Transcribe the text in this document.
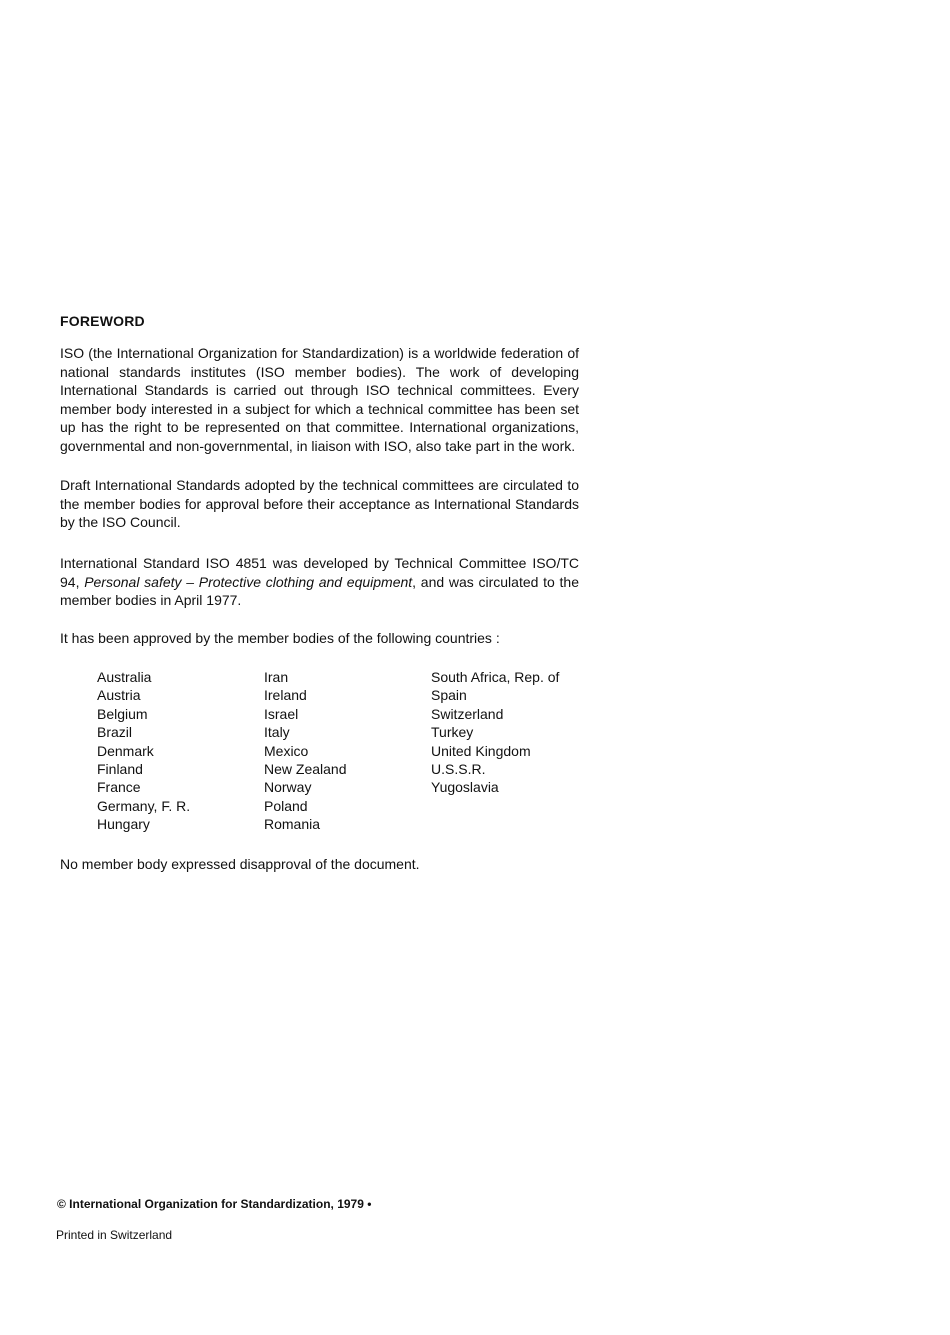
FOREWORD

ISO (the International Organization for Standardization) is a worldwide federation of national standards institutes (ISO member bodies). The work of developing International Standards is carried out through ISO technical committees. Every member body interested in a subject for which a technical committee has been set up has the right to be represented on that committee. International organizations, governmental and non-governmental, in liaison with ISO, also take part in the work.

Draft International Standards adopted by the technical committees are circulated to the member bodies for approval before their acceptance as International Standards by the ISO Council.

International Standard ISO 4851 was developed by Technical Committee ISO/TC 94, Personal safety – Protective clothing and equipment, and was circulated to the member bodies in April 1977.

It has been approved by the member bodies of the following countries :

Australia
Austria
Belgium
Brazil
Denmark
Finland
France
Germany, F. R.
Hungary
Iran
Ireland
Israel
Italy
Mexico
New Zealand
Norway
Poland
Romania
South Africa, Rep. of
Spain
Switzerland
Turkey
United Kingdom
U.S.S.R.
Yugoslavia
No member body expressed disapproval of the document.
© International Organization for Standardization, 1979 •
Printed in Switzerland
